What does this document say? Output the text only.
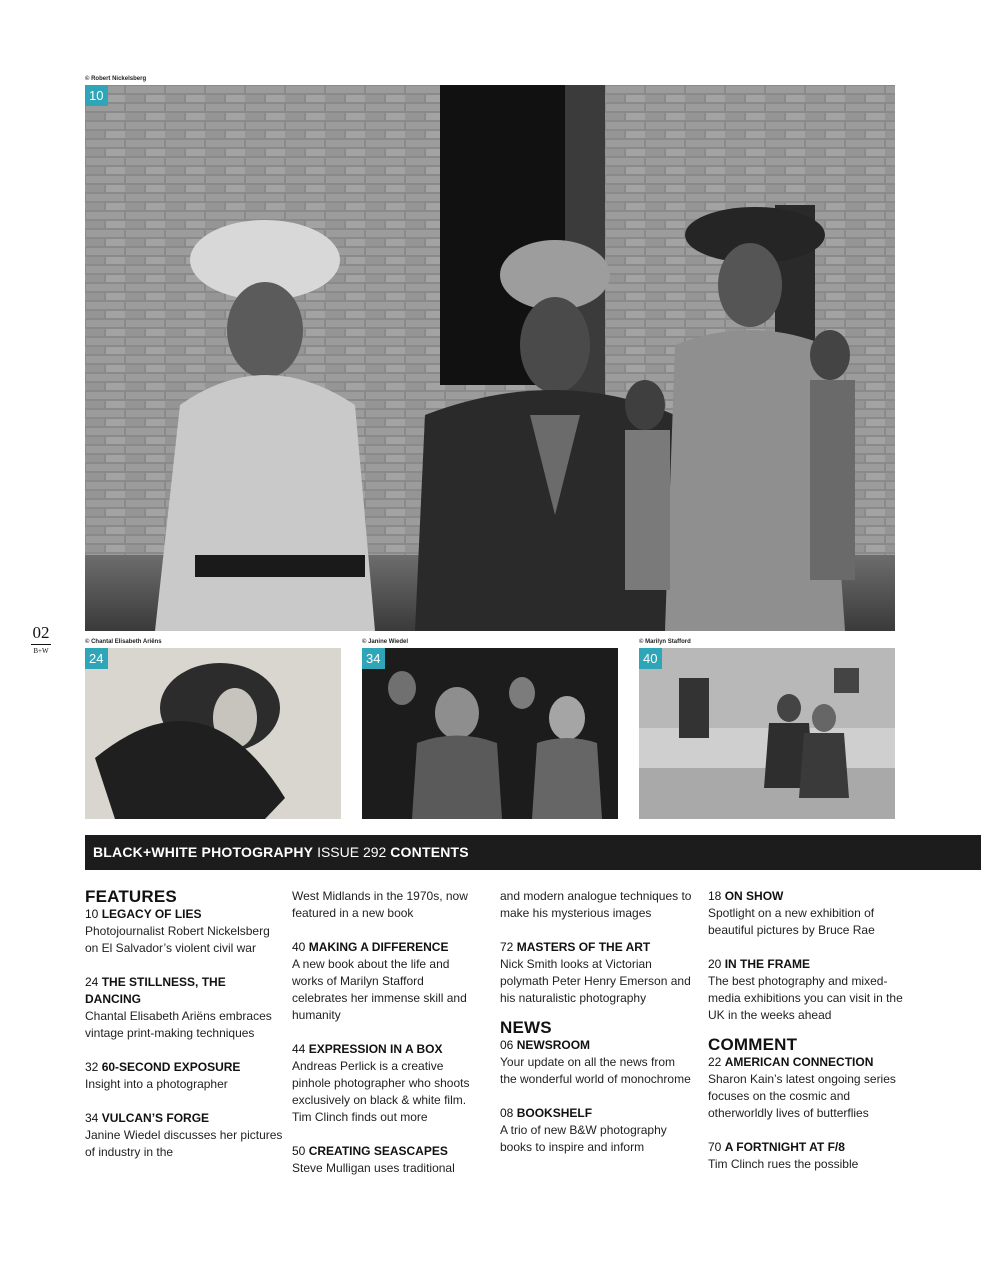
02
B+W
© Robert Nickelsberg
10
© Chantal Elisabeth Ariëns
24
© Janine Wiedel
34
© Marilyn Stafford
40
BLACK+WHITE PHOTOGRAPHY ISSUE 292 CONTENTS
FEATURES
10 LEGACY OF LIES
Photojournalist Robert Nickelsberg on El Salvador’s violent civil war
24 THE STILLNESS, THE DANCING
Chantal Elisabeth Ariëns embraces vintage print-making techniques
32 60-SECOND EXPOSURE
Insight into a photographer
34 VULCAN’S FORGE
Janine Wiedel discusses her pictures of industry in the
West Midlands in the 1970s, now featured in a new book
40 MAKING A DIFFERENCE
A new book about the life and works of Marilyn Stafford celebrates her immense skill and humanity
44 EXPRESSION IN A BOX
Andreas Perlick is a creative pinhole photographer who shoots exclusively on black & white film. Tim Clinch finds out more
50 CREATING SEASCAPES
Steve Mulligan uses traditional
and modern analogue techniques to make his mysterious images
72 MASTERS OF THE ART
Nick Smith looks at Victorian polymath Peter Henry Emerson and his naturalistic photography
NEWS
06 NEWSROOM
Your update on all the news from the wonderful world of monochrome
08 BOOKSHELF
A trio of new B&W photography books to inspire and inform
18 ON SHOW
Spotlight on a new exhibition of beautiful pictures by Bruce Rae
20 IN THE FRAME
The best photography and mixed-media exhibitions you can visit in the UK in the weeks ahead
COMMENT
22 AMERICAN CONNECTION
Sharon Kain’s latest ongoing series focuses on the cosmic and otherworldly lives of butterflies
70 A FORTNIGHT AT F/8
Tim Clinch rues the possible
